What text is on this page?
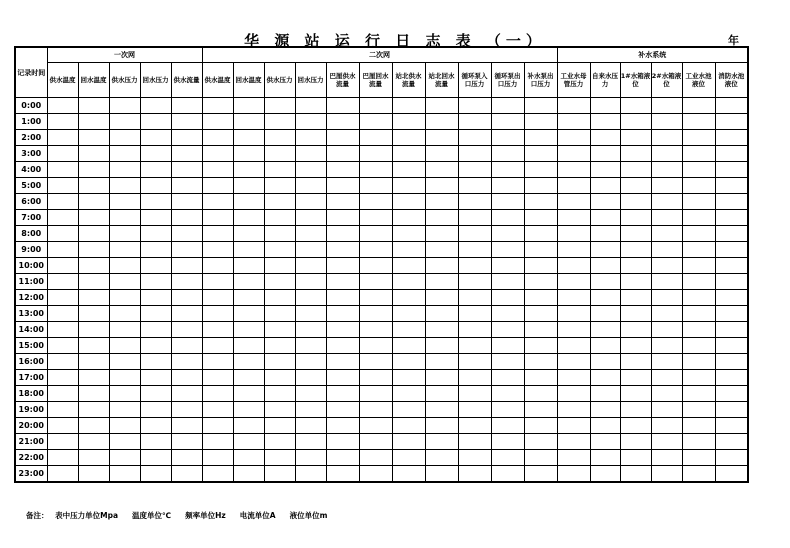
华 源 站 运 行 日 志 表 （一）	年
记录时间	一次网					二次网											补水系统					
	供水温度	回水温度	供水压力	回水压力	供水流量	供水温度	回水温度	供水压力	回水压力	巴厘供水流量	巴厘回水流量	站北供水流量	站北回水流量	循环泵入口压力	循环泵出口压力	补水泵出口压力	工业水母管压力	自来水压力	1#水箱液位	2#水箱液位	工业水池液位	消防水池液位
0:00																						
1:00																						
2:00																						
3:00																						
4:00																						
5:00																						
6:00																						
7:00																						
8:00																						
9:00																						
10:00																						
11:00																						
12:00																						
13:00																						
14:00																						
15:00																						
16:00																						
17:00																						
18:00																						
19:00																						
20:00																						
21:00																						
22:00																						
23:00																						
备注： 表中压力单位Mpa 温度单位℃ 频率单位Hz 电流单位A 液位单位m
